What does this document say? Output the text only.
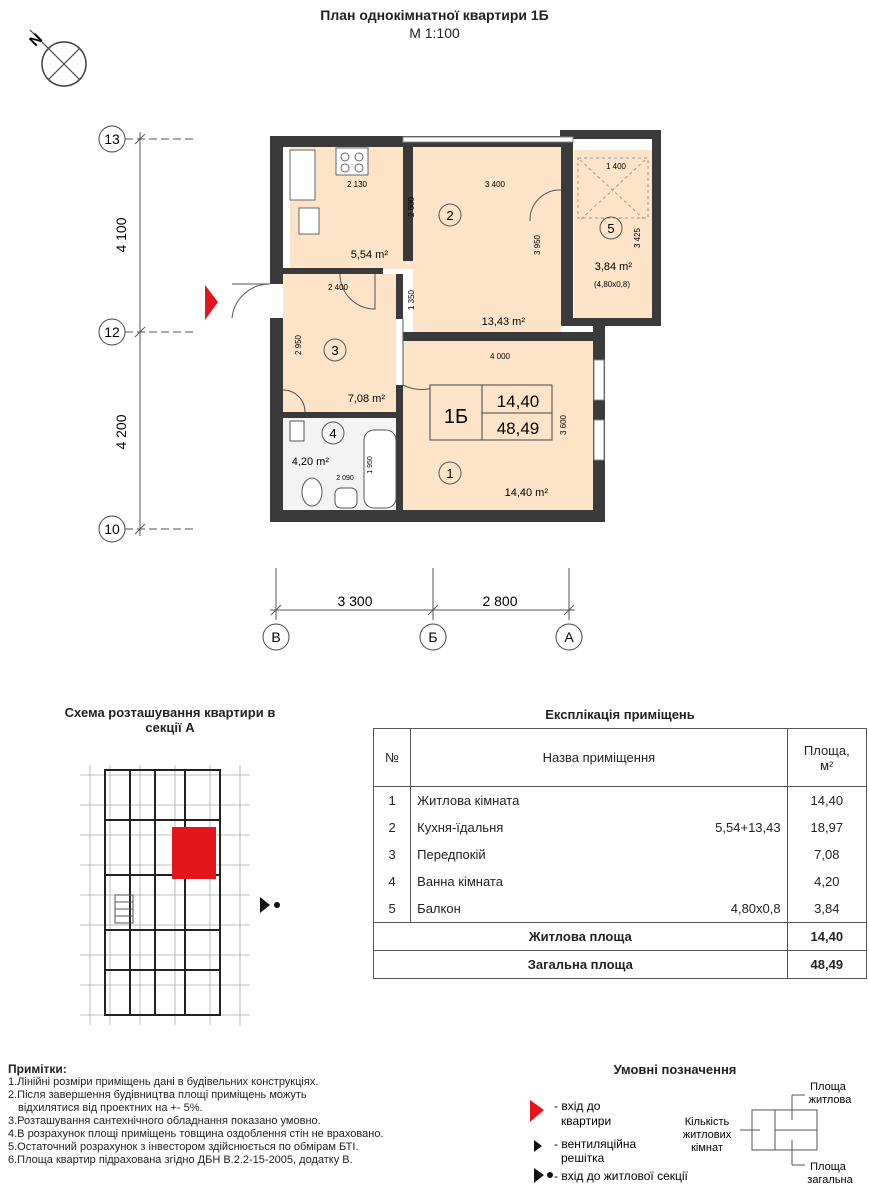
План однокімнатної квартири 1Б
М 1:100
N
13
12
10
4 100
4 200
3 300	2 800
В	Б	А
1
14,40 m²
4 000
3 600
2
13,43 m²
3 400
3 950
1 350
2 600
2 130
5,54 m²
3
7,08 m²
2 400
2 950
4
4,20 m²
2 090
1 950
5
3,84 m²
(4,80x0,8)
1 400
3 425
1Б
14,40
48,49
Схема розташування квартири в
секції А
Експлікація приміщень
№	Назва приміщення		Площа,
м²

1	Житлова кімната		14,40
2	Кухня-їдальня	5,54+13,43	18,97
3	Передпокій		7,08
4	Ванна кімната		4,20
5	Балкон	4,80x0,8	3,84
Житлова площа			14,40
Загальна площа			48,49
Примітки:
1.Лінійні розміри приміщень дані в будівельних конструкціях.
2.Після завершення будівництва площі приміщень можуть
відхилятися від проектних на +- 5%.
3.Розташування сантехнічного обладнання показано умовно.
4.В розрахунок площі приміщень товщина оздоблення стін не враховано.
5.Остаточний розрахунок з інвестором здійснюється по обмірам БТІ.
6.Площа квартир підрахована згідно ДБН В.2.2-15-2005, додатку В.
Умовні позначення
- вхід до
квартири
- вентиляційна
решітка
- вхід до житлової секції
Кількість
житлових
кімнат
Площа
житлова
Площа
загальна
